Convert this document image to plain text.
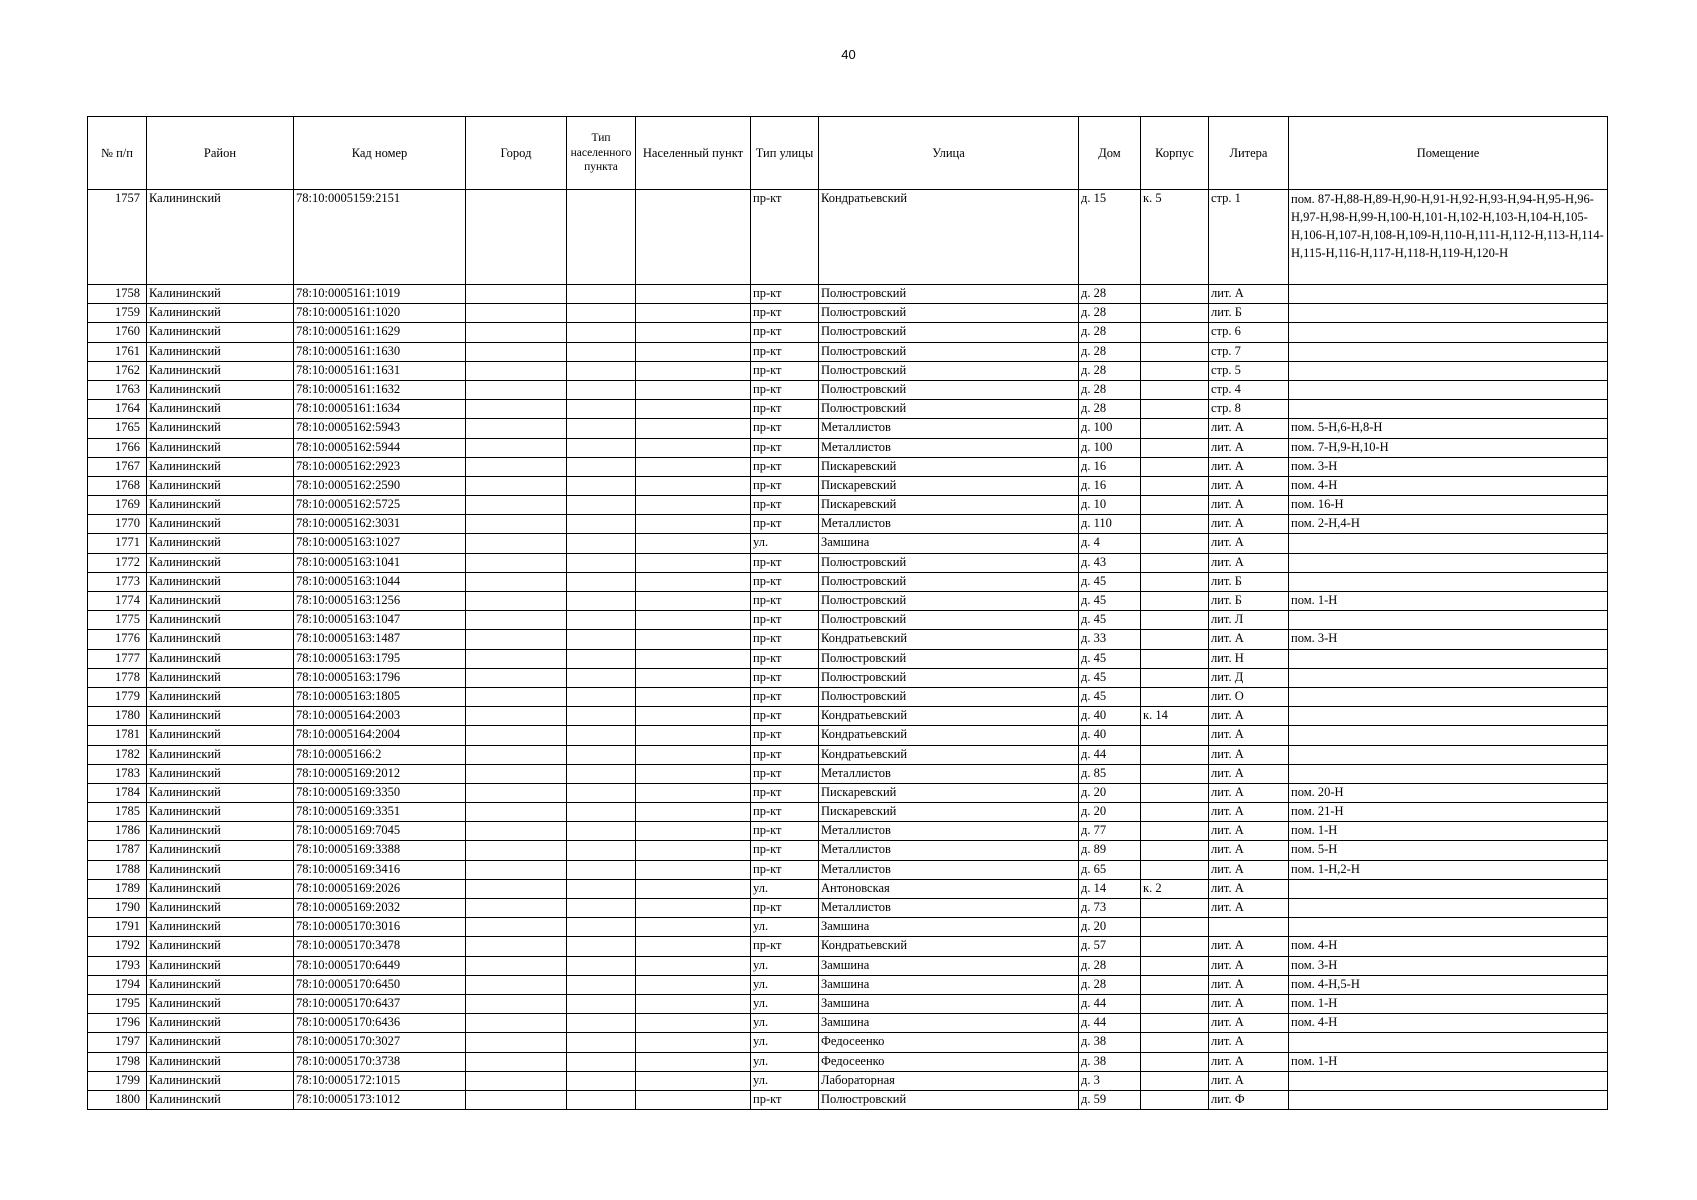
40
№ п/п	Район	Кад номер	Город	Тип населенного пункта	Населенный пункт	Тип улицы	Улица	Дом	Корпус	Литера	Помещение
1757	Калининский	78:10:0005159:2151				пр-кт	Кондратьевский	д. 15	к. 5	стр. 1	пом. 87-Н,88-Н,89-Н,90-Н,91-Н,92-Н,93-Н,94-Н,95-Н,96-Н,97-Н,98-Н,99-Н,100-Н,101-Н,102-Н,103-Н,104-Н,105-Н,106-Н,107-Н,108-Н,109-Н,110-Н,111-Н,112-Н,113-Н,114-Н,115-Н,116-Н,117-Н,118-Н,119-Н,120-Н
1758	Калининский	78:10:0005161:1019				пр-кт	Полюстровский	д. 28		лит. А	
1759	Калининский	78:10:0005161:1020				пр-кт	Полюстровский	д. 28		лит. Б	
1760	Калининский	78:10:0005161:1629				пр-кт	Полюстровский	д. 28		стр. 6	
1761	Калининский	78:10:0005161:1630				пр-кт	Полюстровский	д. 28		стр. 7	
1762	Калининский	78:10:0005161:1631				пр-кт	Полюстровский	д. 28		стр. 5	
1763	Калининский	78:10:0005161:1632				пр-кт	Полюстровский	д. 28		стр. 4	
1764	Калининский	78:10:0005161:1634				пр-кт	Полюстровский	д. 28		стр. 8	
1765	Калининский	78:10:0005162:5943				пр-кт	Металлистов	д. 100		лит. А	пом. 5-Н,6-Н,8-Н
1766	Калининский	78:10:0005162:5944				пр-кт	Металлистов	д. 100		лит. А	пом. 7-Н,9-Н,10-Н
1767	Калининский	78:10:0005162:2923				пр-кт	Пискаревский	д. 16		лит. А	пом. 3-Н
1768	Калининский	78:10:0005162:2590				пр-кт	Пискаревский	д. 16		лит. А	пом. 4-Н
1769	Калининский	78:10:0005162:5725				пр-кт	Пискаревский	д. 10		лит. А	пом. 16-Н
1770	Калининский	78:10:0005162:3031				пр-кт	Металлистов	д. 110		лит. А	пом. 2-Н,4-Н
1771	Калининский	78:10:0005163:1027				ул.	Замшина	д. 4		лит. А	
1772	Калининский	78:10:0005163:1041				пр-кт	Полюстровский	д. 43		лит. А	
1773	Калининский	78:10:0005163:1044				пр-кт	Полюстровский	д. 45		лит. Б	
1774	Калининский	78:10:0005163:1256				пр-кт	Полюстровский	д. 45		лит. Б	пом. 1-Н
1775	Калининский	78:10:0005163:1047				пр-кт	Полюстровский	д. 45		лит. Л	
1776	Калининский	78:10:0005163:1487				пр-кт	Кондратьевский	д. 33		лит. А	пом. 3-Н
1777	Калининский	78:10:0005163:1795				пр-кт	Полюстровский	д. 45		лит. Н	
1778	Калининский	78:10:0005163:1796				пр-кт	Полюстровский	д. 45		лит. Д	
1779	Калининский	78:10:0005163:1805				пр-кт	Полюстровский	д. 45		лит. О	
1780	Калининский	78:10:0005164:2003				пр-кт	Кондратьевский	д. 40	к. 14	лит. А	
1781	Калининский	78:10:0005164:2004				пр-кт	Кондратьевский	д. 40		лит. А	
1782	Калининский	78:10:0005166:2				пр-кт	Кондратьевский	д. 44		лит. А	
1783	Калининский	78:10:0005169:2012				пр-кт	Металлистов	д. 85		лит. А	
1784	Калининский	78:10:0005169:3350				пр-кт	Пискаревский	д. 20		лит. А	пом. 20-Н
1785	Калининский	78:10:0005169:3351				пр-кт	Пискаревский	д. 20		лит. А	пом. 21-Н
1786	Калининский	78:10:0005169:7045				пр-кт	Металлистов	д. 77		лит. А	пом. 1-Н
1787	Калининский	78:10:0005169:3388				пр-кт	Металлистов	д. 89		лит. А	пом. 5-Н
1788	Калининский	78:10:0005169:3416				пр-кт	Металлистов	д. 65		лит. А	пом. 1-Н,2-Н
1789	Калининский	78:10:0005169:2026				ул.	Антоновская	д. 14	к. 2	лит. А	
1790	Калининский	78:10:0005169:2032				пр-кт	Металлистов	д. 73		лит. А	
1791	Калининский	78:10:0005170:3016				ул.	Замшина	д. 20			
1792	Калининский	78:10:0005170:3478				пр-кт	Кондратьевский	д. 57		лит. А	пом. 4-Н
1793	Калининский	78:10:0005170:6449				ул.	Замшина	д. 28		лит. А	пом. 3-Н
1794	Калининский	78:10:0005170:6450				ул.	Замшина	д. 28		лит. А	пом. 4-Н,5-Н
1795	Калининский	78:10:0005170:6437				ул.	Замшина	д. 44		лит. А	пом. 1-Н
1796	Калининский	78:10:0005170:6436				ул.	Замшина	д. 44		лит. А	пом. 4-Н
1797	Калининский	78:10:0005170:3027				ул.	Федосеенко	д. 38		лит. А	
1798	Калининский	78:10:0005170:3738				ул.	Федосеенко	д. 38		лит. А	пом. 1-Н
1799	Калининский	78:10:0005172:1015				ул.	Лабораторная	д. 3		лит. А	
1800	Калининский	78:10:0005173:1012				пр-кт	Полюстровский	д. 59		лит. Ф	
